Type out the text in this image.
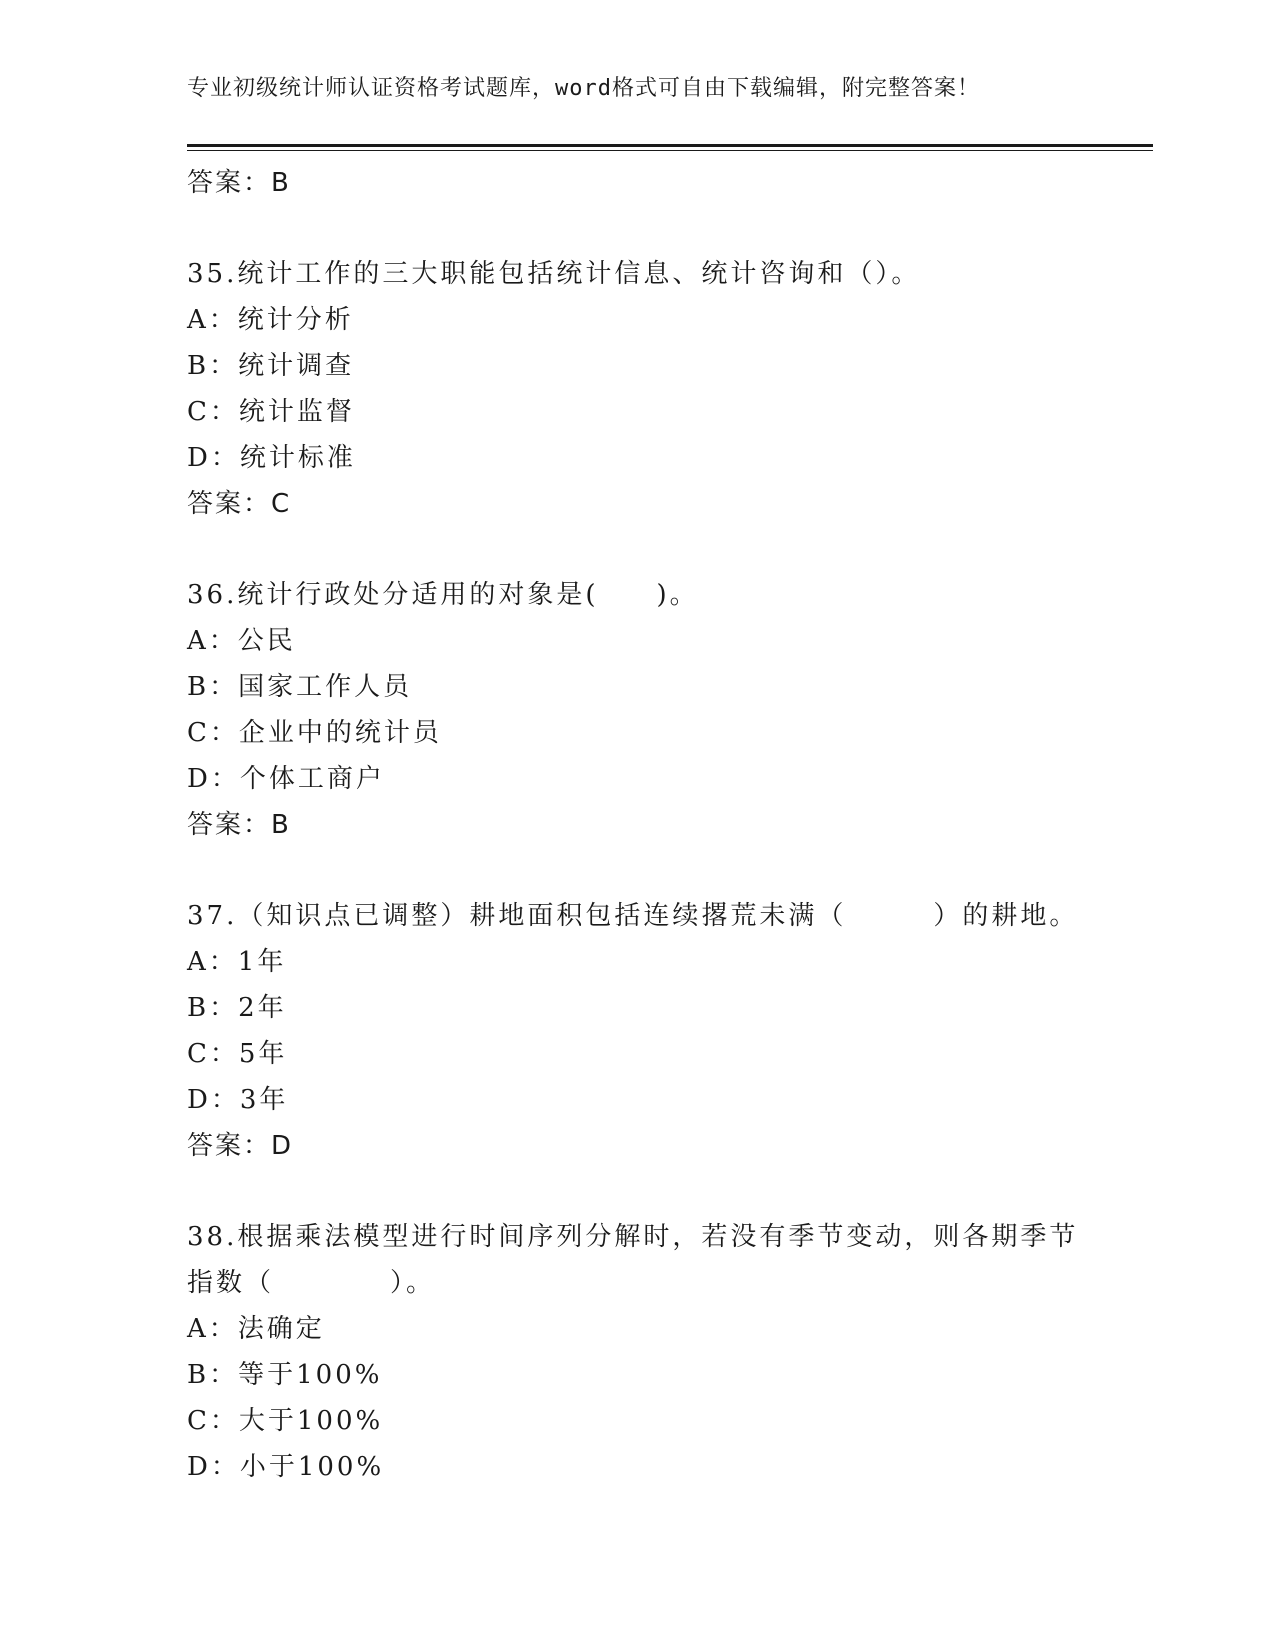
专业初级统计师认证资格考试题库，word格式可自由下载编辑，附完整答案！
答案：B
35.统计工作的三大职能包括统计信息、统计咨询和（）。
A：统计分析
B：统计调查
C：统计监督
D：统计标准
答案：C
36.统计行政处分适用的对象是(　　)。
A：公民
B：国家工作人员
C：企业中的统计员
D：个体工商户
答案：B
37.（知识点已调整）耕地面积包括连续撂荒未满（　　　）的耕地。
A：1年
B：2年
C：5年
D：3年
答案：D
38.根据乘法模型进行时间序列分解时，若没有季节变动，则各期季节
指数（　　　　）。
A：法确定
B：等于100%
C：大于100%
D：小于100%
